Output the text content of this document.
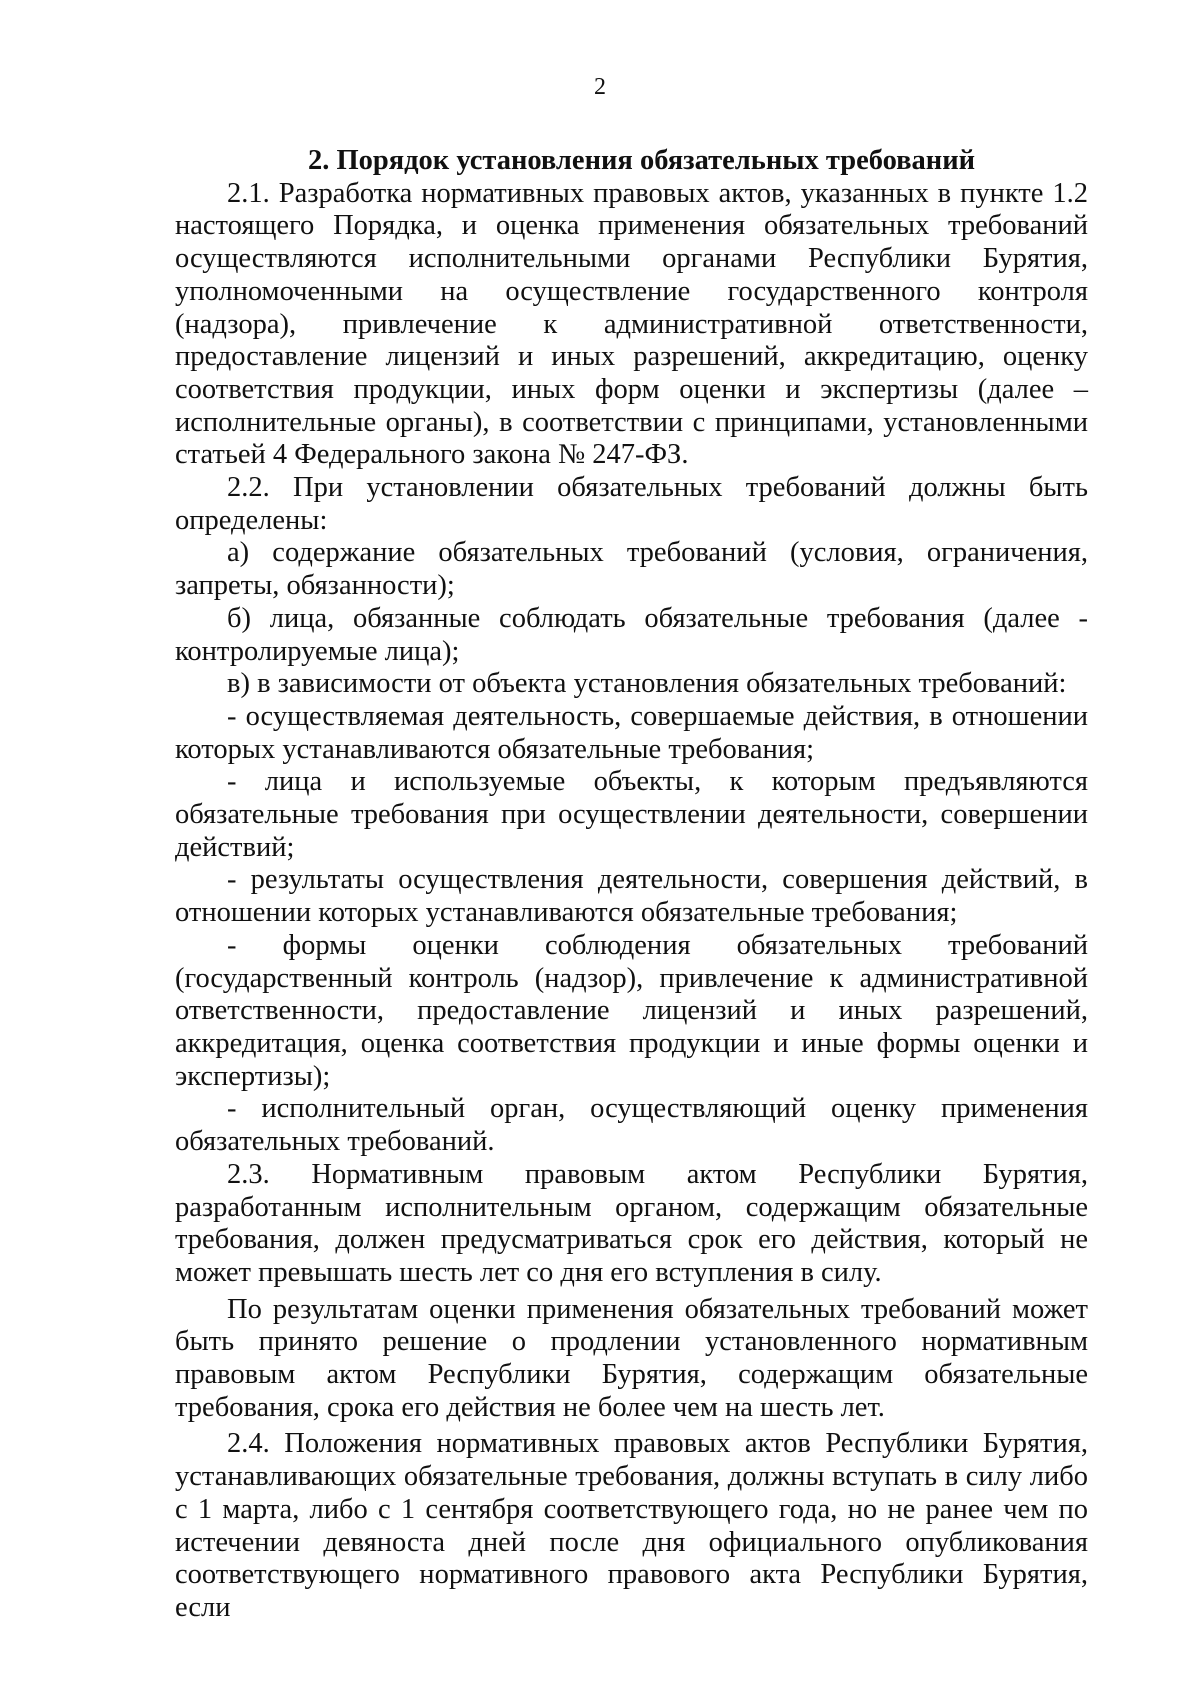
2

2. Порядок установления обязательных требований

2.1. Разработка нормативных правовых актов, указанных в пункте 1.2 настоящего Порядка, и оценка применения обязательных требований осуществляются исполнительными органами Республики Бурятия, уполномоченными на осуществление государственного контроля (надзора), привлечение к административной ответственности, предоставление лицензий и иных разрешений, аккредитацию, оценку соответствия продукции, иных форм оценки и экспертизы (далее – исполнительные органы), в соответствии с принципами, установленными статьей 4 Федерального закона № 247-ФЗ.

2.2. При установлении обязательных требований должны быть определены:

а) содержание обязательных требований (условия, ограничения, запреты, обязанности);

б) лица, обязанные соблюдать обязательные требования (далее - контролируемые лица);

в) в зависимости от объекта установления обязательных требований:

- осуществляемая деятельность, совершаемые действия, в отношении которых устанавливаются обязательные требования;

- лица и используемые объекты, к которым предъявляются обязательные требования при осуществлении деятельности, совершении действий;

- результаты осуществления деятельности, совершения действий, в отношении которых устанавливаются обязательные требования;

- формы оценки соблюдения обязательных требований (государственный контроль (надзор), привлечение к административной ответственности, предоставление лицензий и иных разрешений, аккредитация, оценка соответствия продукции и иные формы оценки и экспертизы);

- исполнительный орган, осуществляющий оценку применения обязательных требований.

2.3. Нормативным правовым актом Республики Бурятия, разработанным исполнительным органом, содержащим обязательные требования, должен предусматриваться срок его действия, который не может превышать шесть лет со дня его вступления в силу.

По результатам оценки применения обязательных требований может быть принято решение о продлении установленного нормативным правовым актом Республики Бурятия, содержащим обязательные требования, срока его действия не более чем на шесть лет.

2.4. Положения нормативных правовых актов Республики Бурятия, устанавливающих обязательные требования, должны вступать в силу либо с 1 марта, либо с 1 сентября соответствующего года, но не ранее чем по истечении девяноста дней после дня официального опубликования соответствующего нормативного правового акта Республики Бурятия, если
